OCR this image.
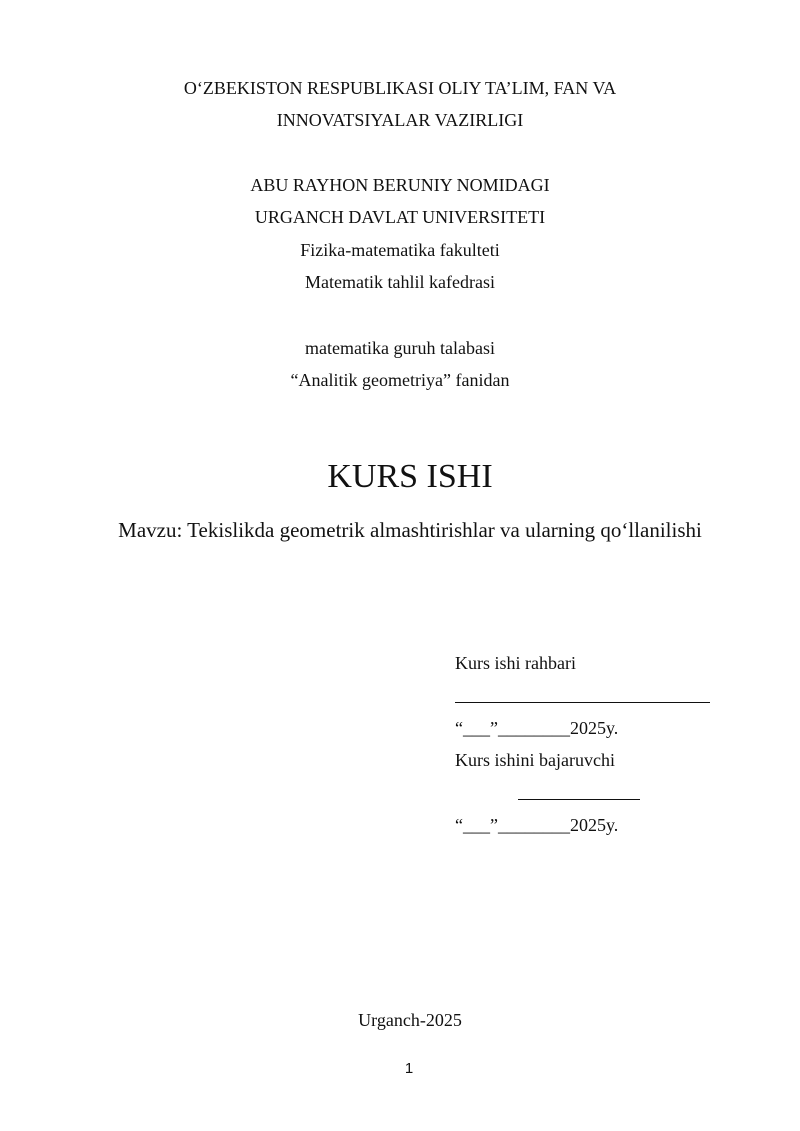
O‘ZBEKISTON RESPUBLIKASI OLIY TA’LIM, FAN VA
INNOVATSIYALAR VAZIRLIGI
ABU RAYHON BERUNIY NOMIDAGI
URGANCH DAVLAT UNIVERSITETI
Fizika-matematika fakulteti
Matematik tahlil kafedrasi
matematika guruh talabasi
“Analitik geometriya” fanidan
KURS ISHI
Mavzu: Tekislikda geometrik almashtirishlar va ularning qo‘llanilishi
Kurs ishi rahbari
“___”________2025y.
Kurs ishini bajaruvchi
“___”________2025y.
Urganch-2025
1
